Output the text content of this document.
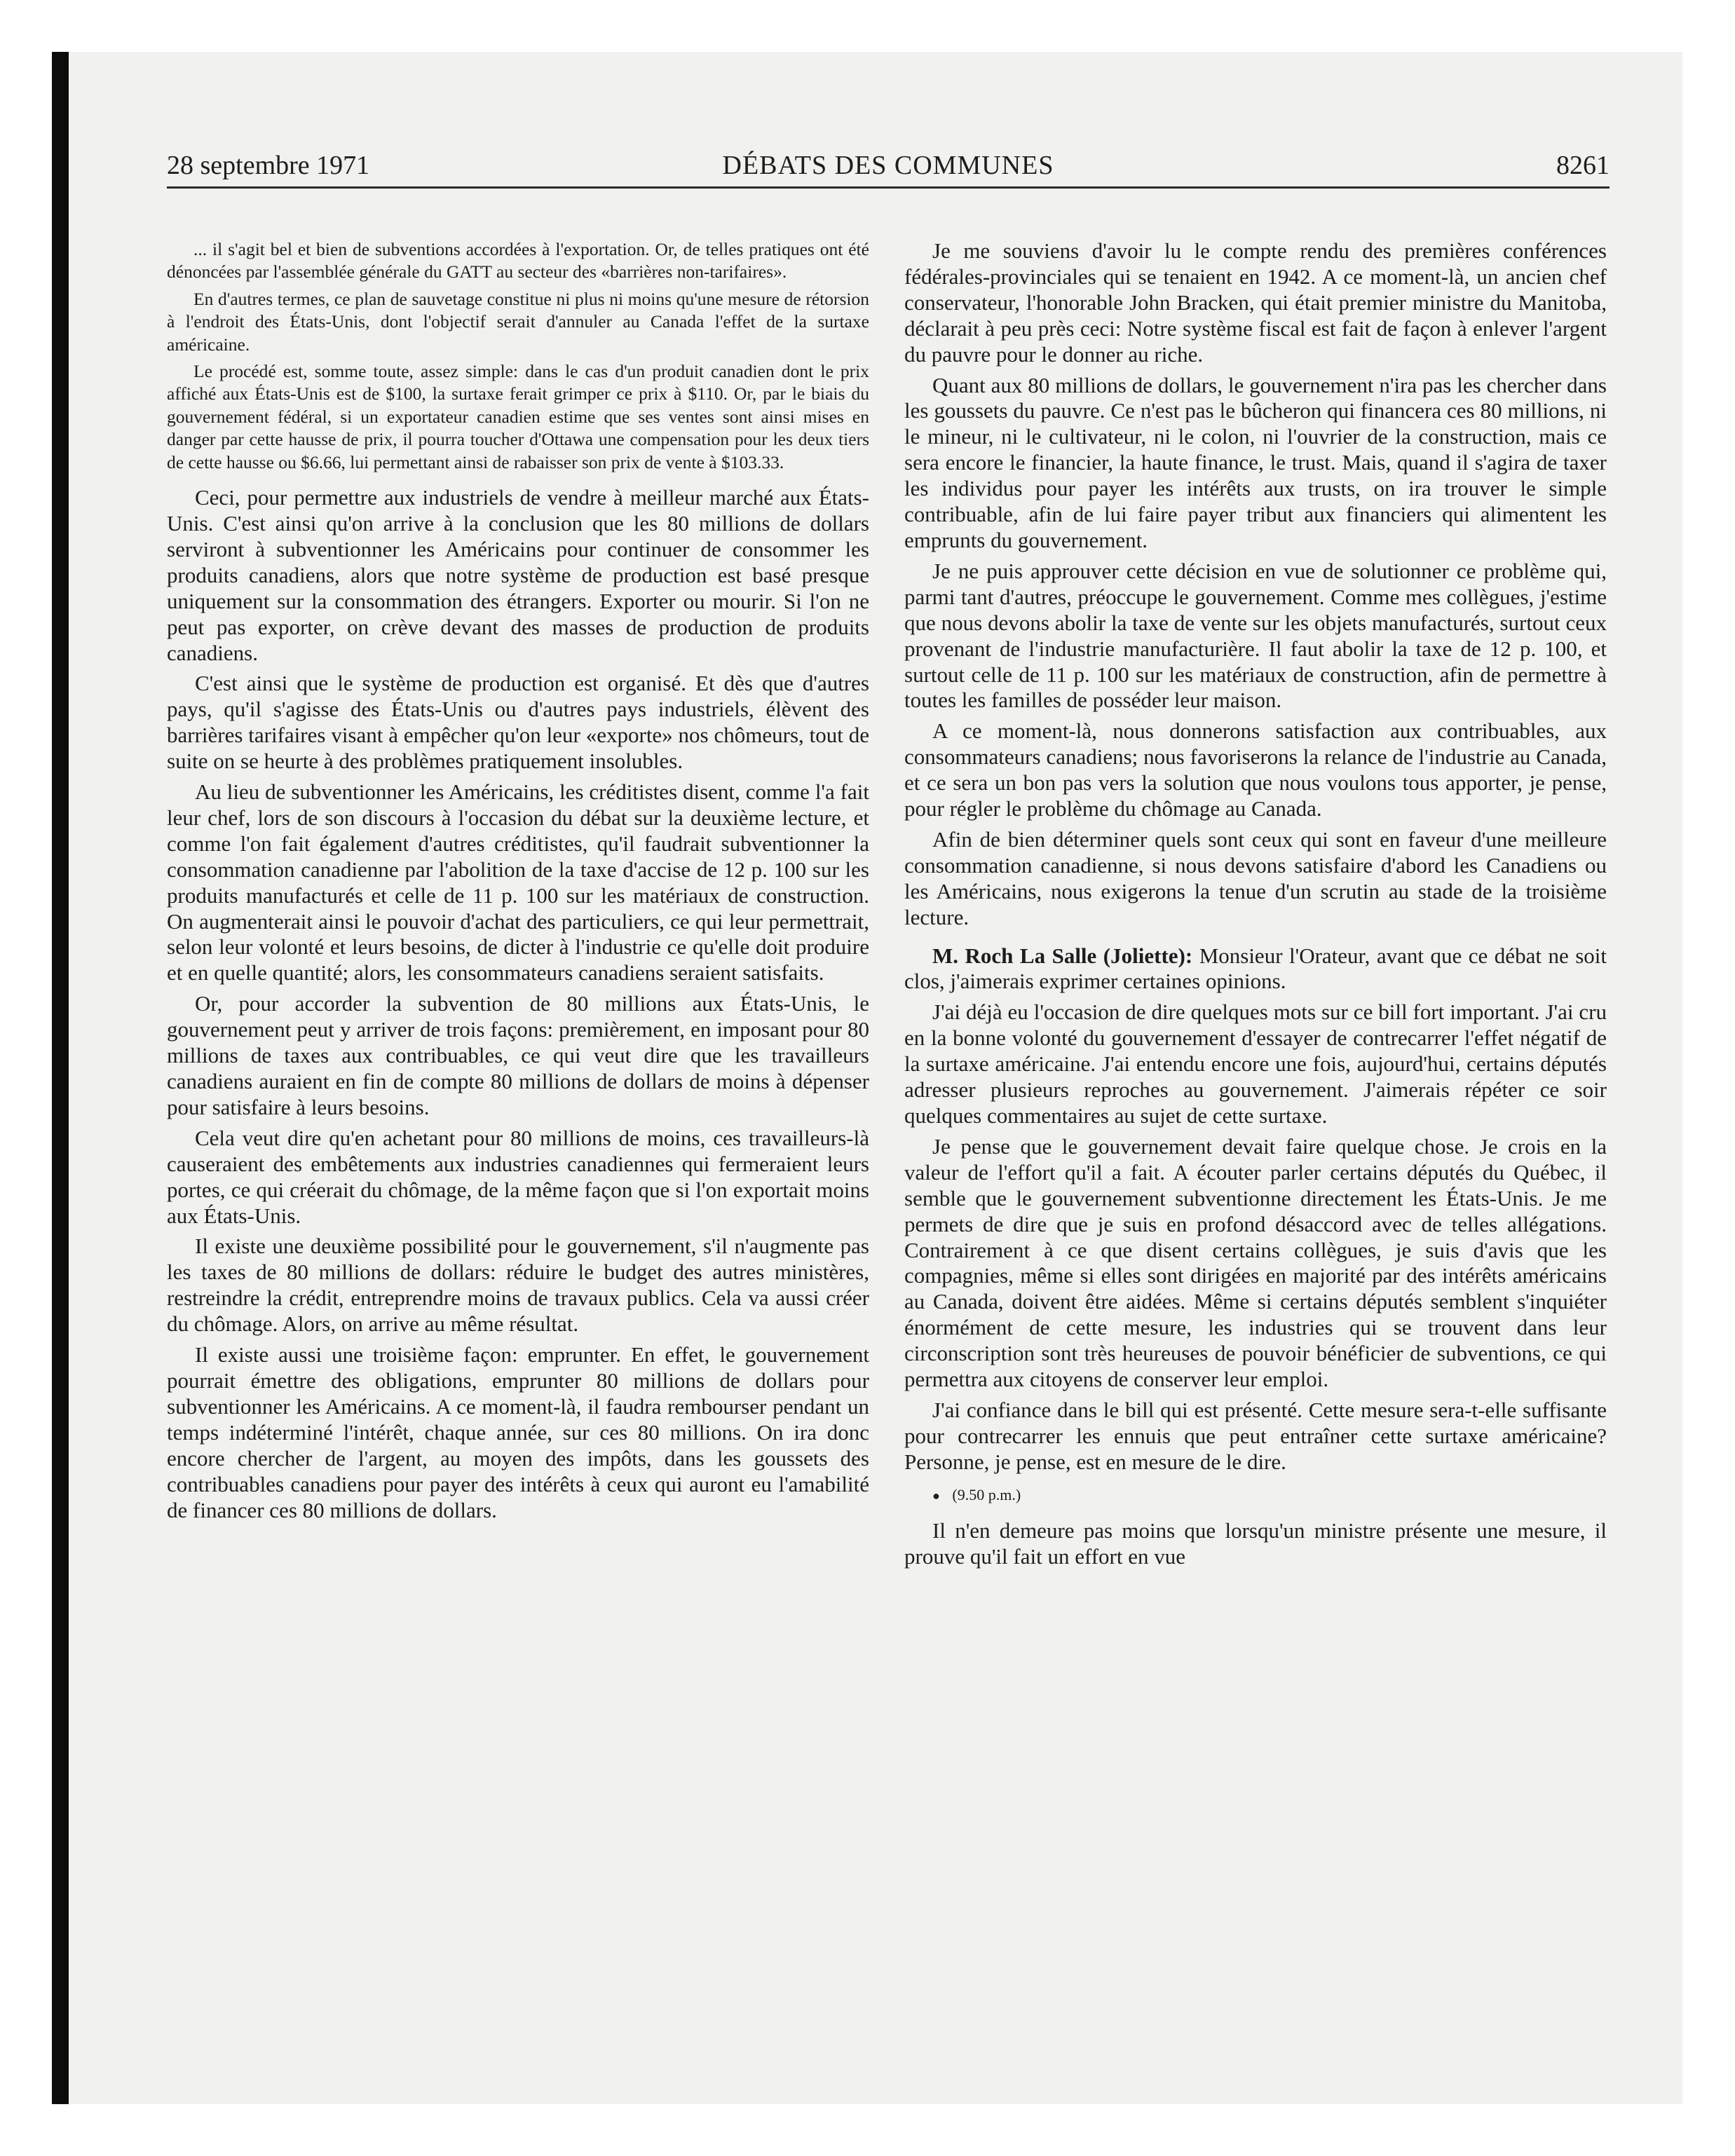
28 septembre 1971	DÉBATS DES COMMUNES	8261

... il s'agit bel et bien de subventions accordées à l'exportation. Or, de telles pratiques ont été dénoncées par l'assemblée générale du GATT au secteur des «barrières non-tarifaires».

En d'autres termes, ce plan de sauvetage constitue ni plus ni moins qu'une mesure de rétorsion à l'endroit des États-Unis, dont l'objectif serait d'annuler au Canada l'effet de la surtaxe américaine.

Le procédé est, somme toute, assez simple: dans le cas d'un produit canadien dont le prix affiché aux États-Unis est de $100, la surtaxe ferait grimper ce prix à $110. Or, par le biais du gouvernement fédéral, si un exportateur canadien estime que ses ventes sont ainsi mises en danger par cette hausse de prix, il pourra toucher d'Ottawa une compensation pour les deux tiers de cette hausse ou $6.66, lui permettant ainsi de rabaisser son prix de vente à $103.33.

Ceci, pour permettre aux industriels de vendre à meilleur marché aux États-Unis. C'est ainsi qu'on arrive à la conclusion que les 80 millions de dollars serviront à subventionner les Américains pour continuer de consommer les produits canadiens, alors que notre système de production est basé presque uniquement sur la consommation des étrangers. Exporter ou mourir. Si l'on ne peut pas exporter, on crève devant des masses de production de produits canadiens.

C'est ainsi que le système de production est organisé. Et dès que d'autres pays, qu'il s'agisse des États-Unis ou d'autres pays industriels, élèvent des barrières tarifaires visant à empêcher qu'on leur «exporte» nos chômeurs, tout de suite on se heurte à des problèmes pratiquement insolubles.

Au lieu de subventionner les Américains, les créditistes disent, comme l'a fait leur chef, lors de son discours à l'occasion du débat sur la deuxième lecture, et comme l'on fait également d'autres créditistes, qu'il faudrait subventionner la consommation canadienne par l'abolition de la taxe d'accise de 12 p. 100 sur les produits manufacturés et celle de 11 p. 100 sur les matériaux de construction. On augmenterait ainsi le pouvoir d'achat des particuliers, ce qui leur permettrait, selon leur volonté et leurs besoins, de dicter à l'industrie ce qu'elle doit produire et en quelle quantité; alors, les consommateurs canadiens seraient satisfaits.

Or, pour accorder la subvention de 80 millions aux États-Unis, le gouvernement peut y arriver de trois façons: premièrement, en imposant pour 80 millions de taxes aux contribuables, ce qui veut dire que les travailleurs canadiens auraient en fin de compte 80 millions de dollars de moins à dépenser pour satisfaire à leurs besoins.

Cela veut dire qu'en achetant pour 80 millions de moins, ces travailleurs-là causeraient des embêtements aux industries canadiennes qui fermeraient leurs portes, ce qui créerait du chômage, de la même façon que si l'on exportait moins aux États-Unis.

Il existe une deuxième possibilité pour le gouvernement, s'il n'augmente pas les taxes de 80 millions de dollars: réduire le budget des autres ministères, restreindre la crédit, entreprendre moins de travaux publics. Cela va aussi créer du chômage. Alors, on arrive au même résultat.

Il existe aussi une troisième façon: emprunter. En effet, le gouvernement pourrait émettre des obligations, emprunter 80 millions de dollars pour subventionner les Américains. A ce moment-là, il faudra rembourser pendant un temps indéterminé l'intérêt, chaque année, sur ces 80 millions. On ira donc encore chercher de l'argent, au moyen des impôts, dans les goussets des contribuables canadiens pour payer des intérêts à ceux qui auront eu l'amabilité de financer ces 80 millions de dollars.

Je me souviens d'avoir lu le compte rendu des premières conférences fédérales-provinciales qui se tenaient en 1942. A ce moment-là, un ancien chef conservateur, l'honorable John Bracken, qui était premier ministre du Manitoba, déclarait à peu près ceci: Notre système fiscal est fait de façon à enlever l'argent du pauvre pour le donner au riche.

Quant aux 80 millions de dollars, le gouvernement n'ira pas les chercher dans les goussets du pauvre. Ce n'est pas le bûcheron qui financera ces 80 millions, ni le mineur, ni le cultivateur, ni le colon, ni l'ouvrier de la construction, mais ce sera encore le financier, la haute finance, le trust. Mais, quand il s'agira de taxer les individus pour payer les intérêts aux trusts, on ira trouver le simple contribuable, afin de lui faire payer tribut aux financiers qui alimentent les emprunts du gouvernement.

Je ne puis approuver cette décision en vue de solutionner ce problème qui, parmi tant d'autres, préoccupe le gouvernement. Comme mes collègues, j'estime que nous devons abolir la taxe de vente sur les objets manufacturés, surtout ceux provenant de l'industrie manufacturière. Il faut abolir la taxe de 12 p. 100, et surtout celle de 11 p. 100 sur les matériaux de construction, afin de permettre à toutes les familles de posséder leur maison.

A ce moment-là, nous donnerons satisfaction aux contribuables, aux consommateurs canadiens; nous favoriserons la relance de l'industrie au Canada, et ce sera un bon pas vers la solution que nous voulons tous apporter, je pense, pour régler le problème du chômage au Canada.

Afin de bien déterminer quels sont ceux qui sont en faveur d'une meilleure consommation canadienne, si nous devons satisfaire d'abord les Canadiens ou les Américains, nous exigerons la tenue d'un scrutin au stade de la troisième lecture.

M. Roch La Salle (Joliette): Monsieur l'Orateur, avant que ce débat ne soit clos, j'aimerais exprimer certaines opinions.

J'ai déjà eu l'occasion de dire quelques mots sur ce bill fort important. J'ai cru en la bonne volonté du gouvernement d'essayer de contrecarrer l'effet négatif de la surtaxe américaine. J'ai entendu encore une fois, aujourd'hui, certains députés adresser plusieurs reproches au gouvernement. J'aimerais répéter ce soir quelques commentaires au sujet de cette surtaxe.

Je pense que le gouvernement devait faire quelque chose. Je crois en la valeur de l'effort qu'il a fait. A écouter parler certains députés du Québec, il semble que le gouvernement subventionne directement les États-Unis. Je me permets de dire que je suis en profond désaccord avec de telles allégations. Contrairement à ce que disent certains collègues, je suis d'avis que les compagnies, même si elles sont dirigées en majorité par des intérêts américains au Canada, doivent être aidées. Même si certains députés semblent s'inquiéter énormément de cette mesure, les industries qui se trouvent dans leur circonscription sont très heureuses de pouvoir bénéficier de subventions, ce qui permettra aux citoyens de conserver leur emploi.

J'ai confiance dans le bill qui est présenté. Cette mesure sera-t-elle suffisante pour contrecarrer les ennuis que peut entraîner cette surtaxe américaine? Personne, je pense, est en mesure de le dire.

● (9.50 p.m.)

Il n'en demeure pas moins que lorsqu'un ministre présente une mesure, il prouve qu'il fait un effort en vue
